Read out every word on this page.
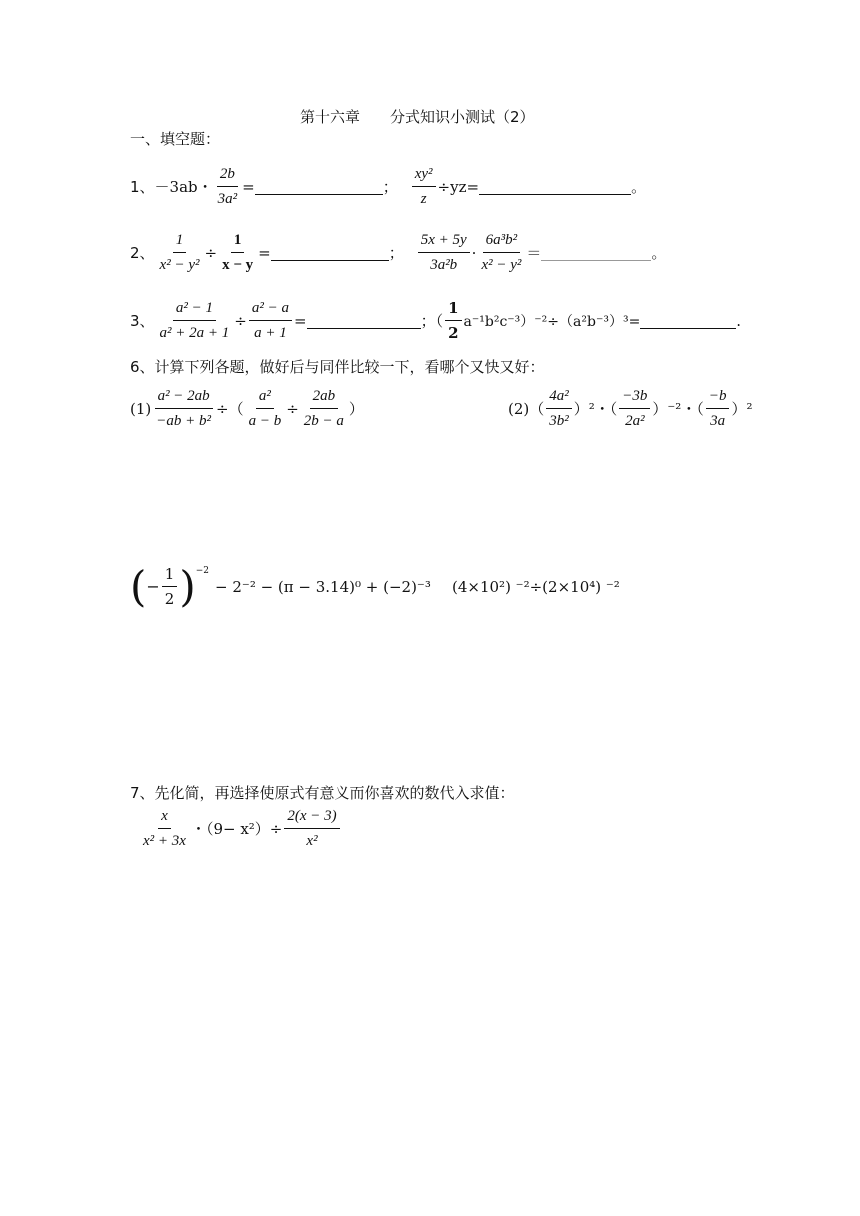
第十六章　　分式知识小测试（2）
一、填空题：
1、 －3ab・ $\frac{2b}{\text{3a²}}$ =	； $\frac{\text{xy²}}{z} \div yz=$	。
2、 $\frac{1}{\text{x² − y²}} \div \frac{1}{x - y}$ =	； $\frac{5x + 5y}{\text{3a²b}} \cdot \frac{\text{6a³b²}}{\text{x² − y²}}$ ＝	。
3、 $\frac{\text{a² − 1}}{\text{a² + 2a + 1}} \div \frac{\text{a² − a}}{a + 1}$ =	；（ $\frac{1}{2} a^{-1}b^2c^{-3})^{-2}\div(a^2b^{-3})^3=$	.
6、计算下列各题，做好后与同伴比较一下，看哪个又快又好：
$(1) \frac{\text{a² − 2ab}}{\text{−ab + b²}}$ ÷（ $\frac{\text{a²}}{a - b} \div \frac{2ab}{2b - a}$ ）	$(2)( \frac{\text{4a²}}{\text{3b²}} )^2$・（ $\frac{-3b}{\text{2a²}} )^{-2}$・（ $\frac{-b}{3a} )^2$
( − $\frac{1}{2}$ ) −2
− 2⁻² − (π − 3.14)⁰ + (−2)⁻³ (4×10²) ⁻²÷(2×10⁴) ⁻²
7、先化简，再选择使原式有意义而你喜欢的数代入求值：
$\frac{x}{\text{x² + 3x}}$ ・$(9- x^2)\div \frac{2(x - 3)}{\text{x²}}$
